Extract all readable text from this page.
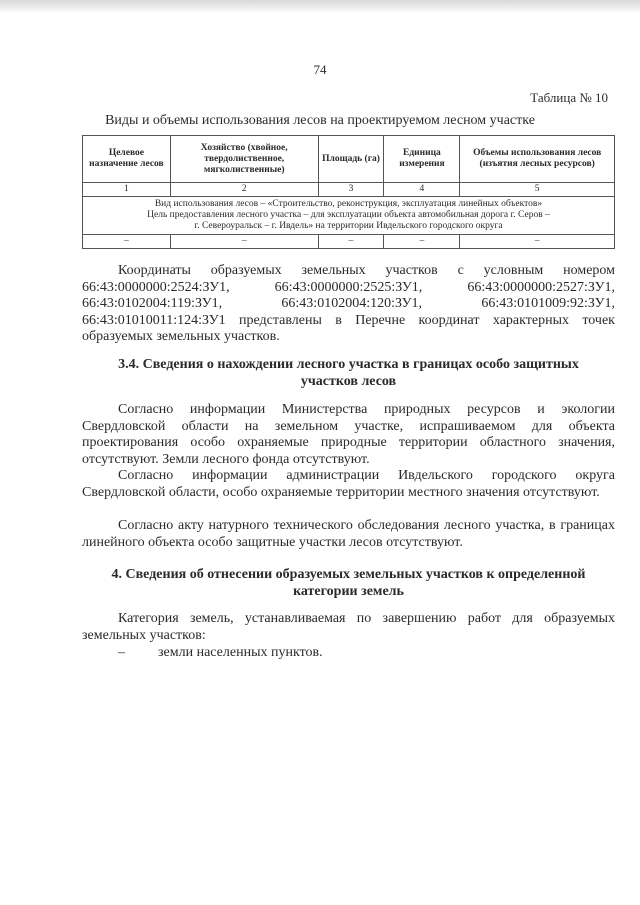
74
Таблица № 10
Виды и объемы использования лесов на проектируемом лесном участке
Целевое назначение лесов	Хозяйство (хвойное, твердолиственное, мягколиственные)	Площадь (га)	Единица измерения	Объемы использования лесов (изъятия лесных ресурсов)
1	2	3	4	5

Вид использования лесов – «Строительство, реконструкция, эксплуатация линейных объектов»
Цель предоставления лесного участка – для эксплуатации объекта автомобильная дорога г. Серов –
г. Североуральск – г. Ивдель» на территории Ивдельского городского округа				

–	–	–	–	–
Координаты образуемых земельных участков с условным номером
66:43:0000000:2524:ЗУ1, 66:43:0000000:2525:ЗУ1, 66:43:0000000:2527:ЗУ1,
66:43:0102004:119:ЗУ1, 66:43:0102004:120:ЗУ1, 66:43:0101009:92:ЗУ1,
66:43:01010011:124:ЗУ1 представлены в Перечне координат характерных точек
образуемых земельных участков.
3.4. Сведения о нахождении лесного участка в границах особо защитных
участков лесов
Согласно информации Министерства природных ресурсов и экологии Свердловской области на земельном участке, испрашиваемом для объекта проектирования особо охраняемые природные территории областного значения, отсутствуют. Земли лесного фонда отсутствуют.
Согласно информации администрации Ивдельского городского округа Свердловской области, особо охраняемые территории местного значения отсутствуют.
Согласно акту натурного технического обследования лесного участка, в границах линейного объекта особо защитные участки лесов отсутствуют.
4. Сведения об отнесении образуемых земельных участков к определенной
категории земель
Категория земель, устанавливаемая по завершению работ для образуемых земельных участков:
– земли населенных пунктов.
